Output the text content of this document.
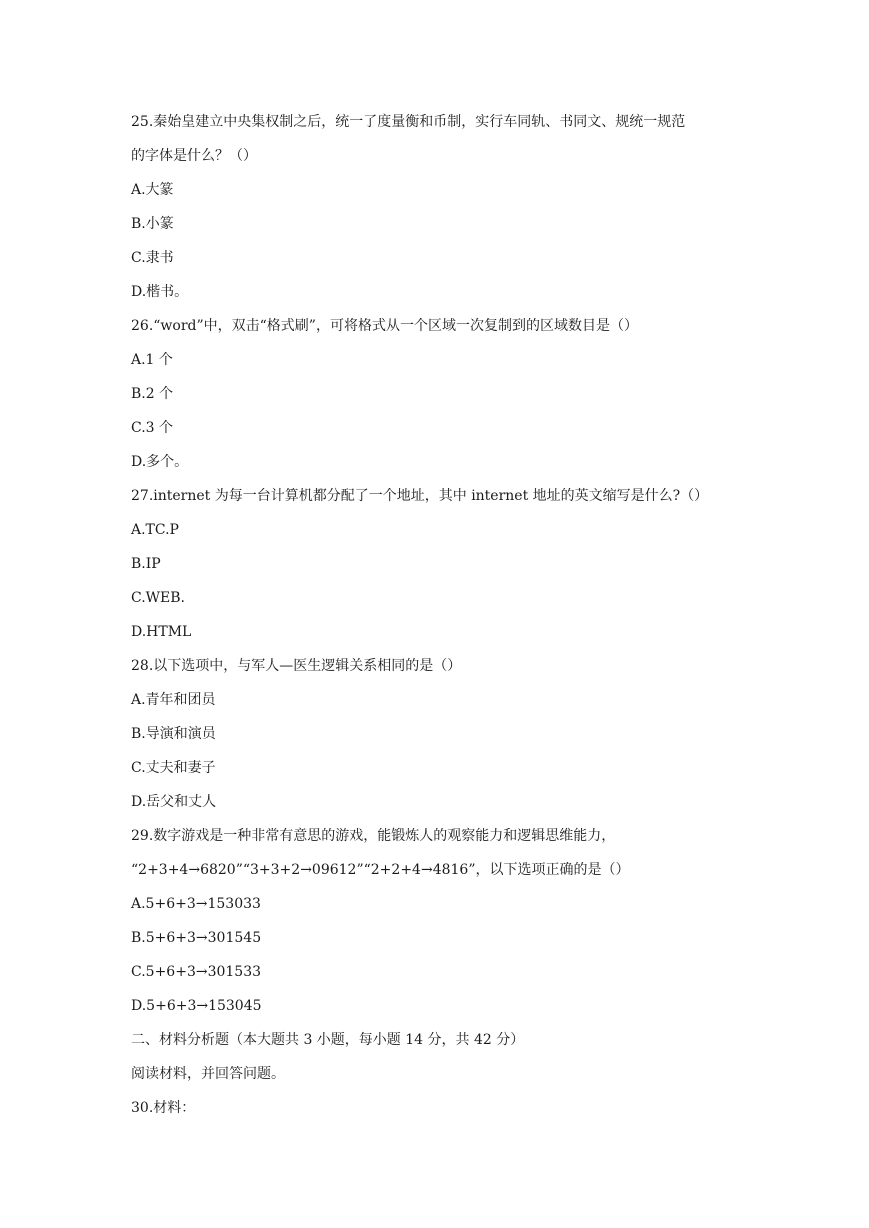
25.秦始皇建立中央集权制之后，统一了度量衡和币制，实行车同轨、书同文、规统一规范
的字体是什么？（）
A.大篆
B.小篆
C.隶书
D.楷书。
26.“word”中，双击“格式刷”，可将格式从一个区域一次复制到的区域数目是（）
A.1 个
B.2 个
C.3 个
D.多个。
27.internet 为每一台计算机都分配了一个地址，其中 internet 地址的英文缩写是什么?（）
A.TC.P
B.IP
C.WEB.
D.HTML
28.以下选项中，与军人—医生逻辑关系相同的是（）
A.青年和团员
B.导演和演员
C.丈夫和妻子
D.岳父和丈人
29.数字游戏是一种非常有意思的游戏，能锻炼人的观察能力和逻辑思维能力，
“2+3+4→6820”“3+3+2→09612”“2+2+4→4816”，以下选项正确的是（）
A.5+6+3→153033
B.5+6+3→301545
C.5+6+3→301533
D.5+6+3→153045
二、材料分析题（本大题共 3 小题，每小题 14 分，共 42 分）
阅读材料，并回答问题。
30.材料：
